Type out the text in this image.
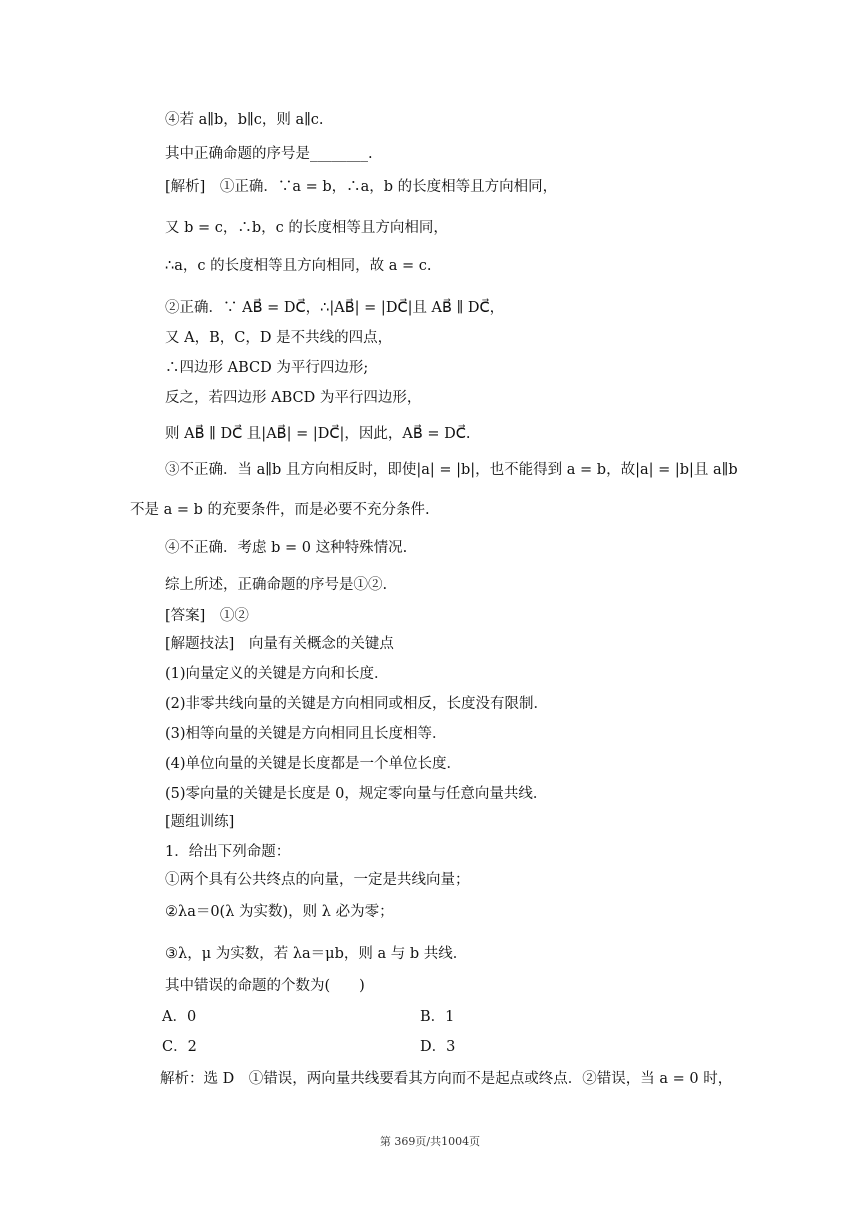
④若 a∥b，b∥c，则 a∥c.
其中正确命题的序号是________.
[解析]　①正确．∵a = b，∴a，b 的长度相等且方向相同，
又 b = c，∴b，c 的长度相等且方向相同，
∴a，c 的长度相等且方向相同，故 a = c.
②正确．∵ AB⃗ = DC⃗，∴|AB⃗| = |DC⃗|且 AB⃗ ∥ DC⃗，
又 A，B，C，D 是不共线的四点，
∴四边形 ABCD 为平行四边形;
反之，若四边形 ABCD 为平行四边形，
则 AB⃗ ∥ DC⃗ 且|AB⃗| = |DC⃗|，因此，AB⃗ = DC⃗.
③不正确．当 a∥b 且方向相反时，即使|a| = |b|，也不能得到 a = b，故|a| = |b|且 a∥b
不是 a = b 的充要条件，而是必要不充分条件.
④不正确．考虑 b = 0 这种特殊情况.
综上所述，正确命题的序号是①②.
[答案]　①②
[解题技法]　向量有关概念的关键点
(1)向量定义的关键是方向和长度．
(2)非零共线向量的关键是方向相同或相反，长度没有限制．
(3)相等向量的关键是方向相同且长度相等．
(4)单位向量的关键是长度都是一个单位长度．
(5)零向量的关键是长度是 0，规定零向量与任意向量共线．
[题组训练]
1．给出下列命题：
①两个具有公共终点的向量，一定是共线向量；
②λa＝0(λ 为实数)，则 λ 必为零；
③λ，μ 为实数，若 λa＝μb，则 a 与 b 共线．
其中错误的命题的个数为(　　)
A．0	B．1
C．2	D．3
解析：选 D　①错误，两向量共线要看其方向而不是起点或终点．②错误，当 a = 0 时，
第 369页/共1004页
